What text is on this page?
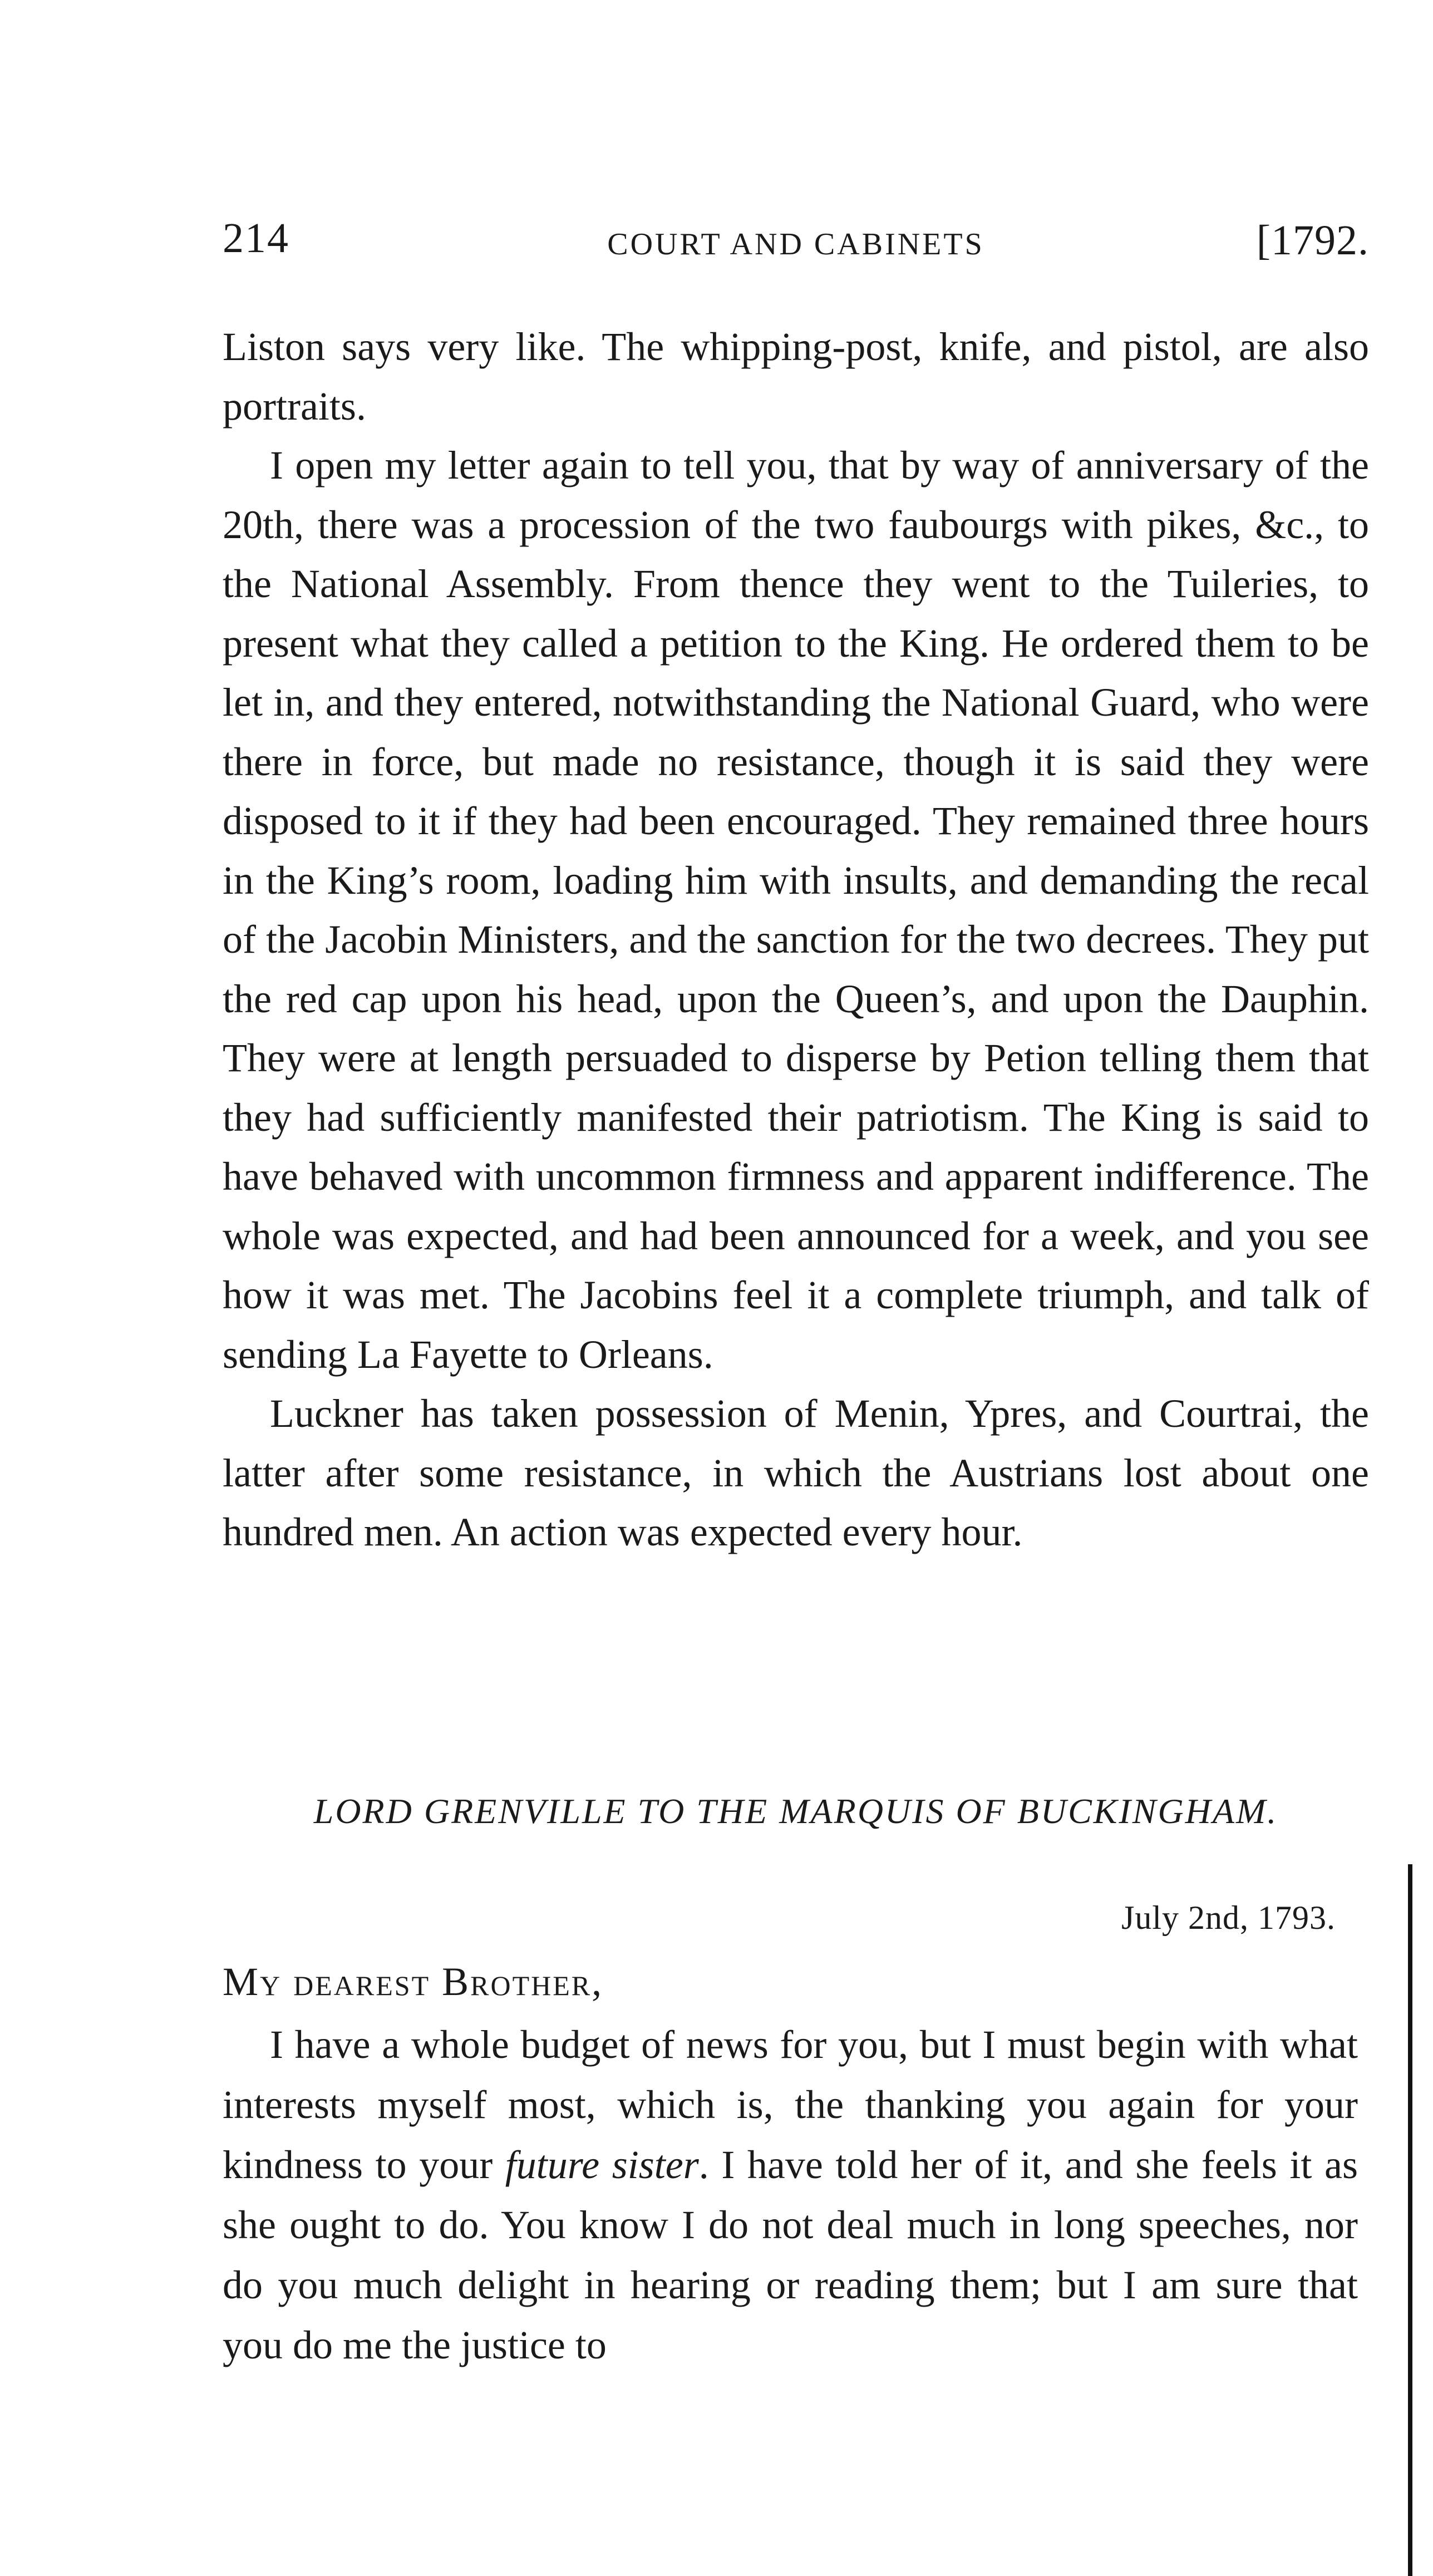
214	COURT AND CABINETS	[1792.

Liston says very like. The whipping-post, knife, and pistol, are also portraits.

I open my letter again to tell you, that by way of anniversary of the 20th, there was a procession of the two faubourgs with pikes, &c., to the National Assembly. From thence they went to the Tuileries, to present what they called a petition to the King. He ordered them to be let in, and they entered, notwithstanding the National Guard, who were there in force, but made no resistance, though it is said they were disposed to it if they had been encouraged. They remained three hours in the King’s room, loading him with insults, and demanding the recal of the Jacobin Ministers, and the sanction for the two decrees. They put the red cap upon his head, upon the Queen’s, and upon the Dauphin. They were at length persuaded to disperse by Petion telling them that they had sufficiently manifested their patriotism. The King is said to have behaved with uncommon firmness and apparent indifference. The whole was expected, and had been announced for a week, and you see how it was met. The Jacobins feel it a complete triumph, and talk of sending La Fayette to Orleans.

Luckner has taken possession of Menin, Ypres, and Courtrai, the latter after some resistance, in which the Austrians lost about one hundred men. An action was expected every hour.

LORD GRENVILLE TO THE MARQUIS OF BUCKINGHAM.
July 2nd, 1793.
My dearest Brother,

I have a whole budget of news for you, but I must begin with what interests myself most, which is, the thanking you again for your kindness to your future sister. I have told her of it, and she feels it as she ought to do. You know I do not deal much in long speeches, nor do you much delight in hearing or reading them; but I am sure that you do me the justice to
